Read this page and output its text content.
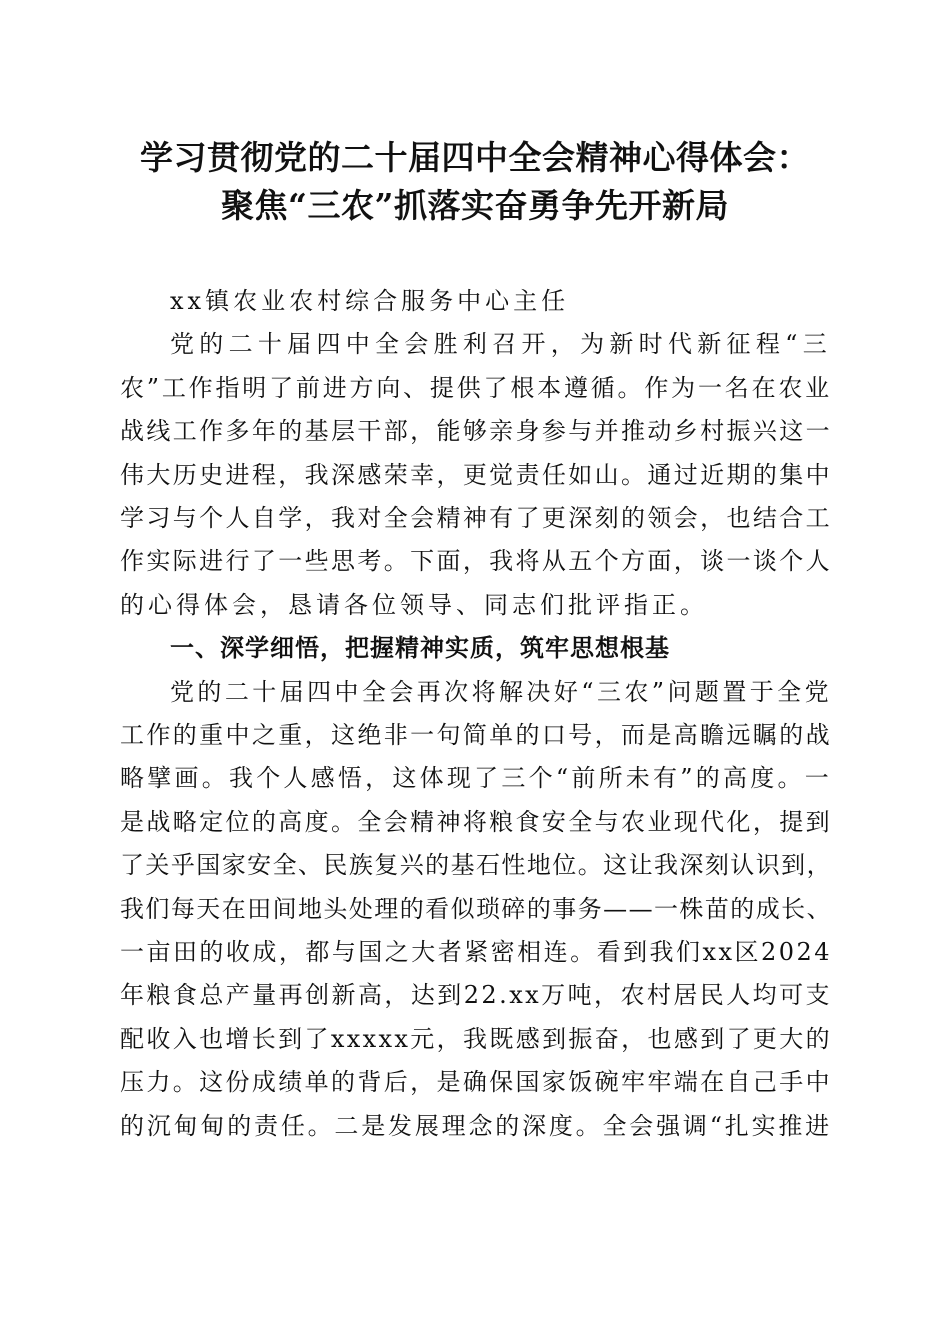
学习贯彻党的二十届四中全会精神心得体会：
聚焦“三农”抓落实奋勇争先开新局
xx镇农业农村综合服务中心主任
党的二十届四中全会胜利召开，为新时代新征程“三
农”工作指明了前进方向、提供了根本遵循。作为一名在农业
战线工作多年的基层干部，能够亲身参与并推动乡村振兴这一
伟大历史进程，我深感荣幸，更觉责任如山。通过近期的集中
学习与个人自学，我对全会精神有了更深刻的领会，也结合工
作实际进行了一些思考。下面，我将从五个方面，谈一谈个人
的心得体会，恳请各位领导、同志们批评指正。
一、深学细悟，把握精神实质，筑牢思想根基
党的二十届四中全会再次将解决好“三农”问题置于全党
工作的重中之重，这绝非一句简单的口号，而是高瞻远瞩的战
略擘画。我个人感悟，这体现了三个“前所未有”的高度。一
是战略定位的高度。全会精神将粮食安全与农业现代化，提到
了关乎国家安全、民族复兴的基石性地位。这让我深刻认识到，
我们每天在田间地头处理的看似琐碎的事务——一株苗的成长、
一亩田的收成，都与国之大者紧密相连。看到我们xx区2024
年粮食总产量再创新高，达到22.xx万吨，农村居民人均可支
配收入也增长到了xxxxx元，我既感到振奋，也感到了更大的
压力。这份成绩单的背后，是确保国家饭碗牢牢端在自己手中
的沉甸甸的责任。二是发展理念的深度。全会强调“扎实推进
